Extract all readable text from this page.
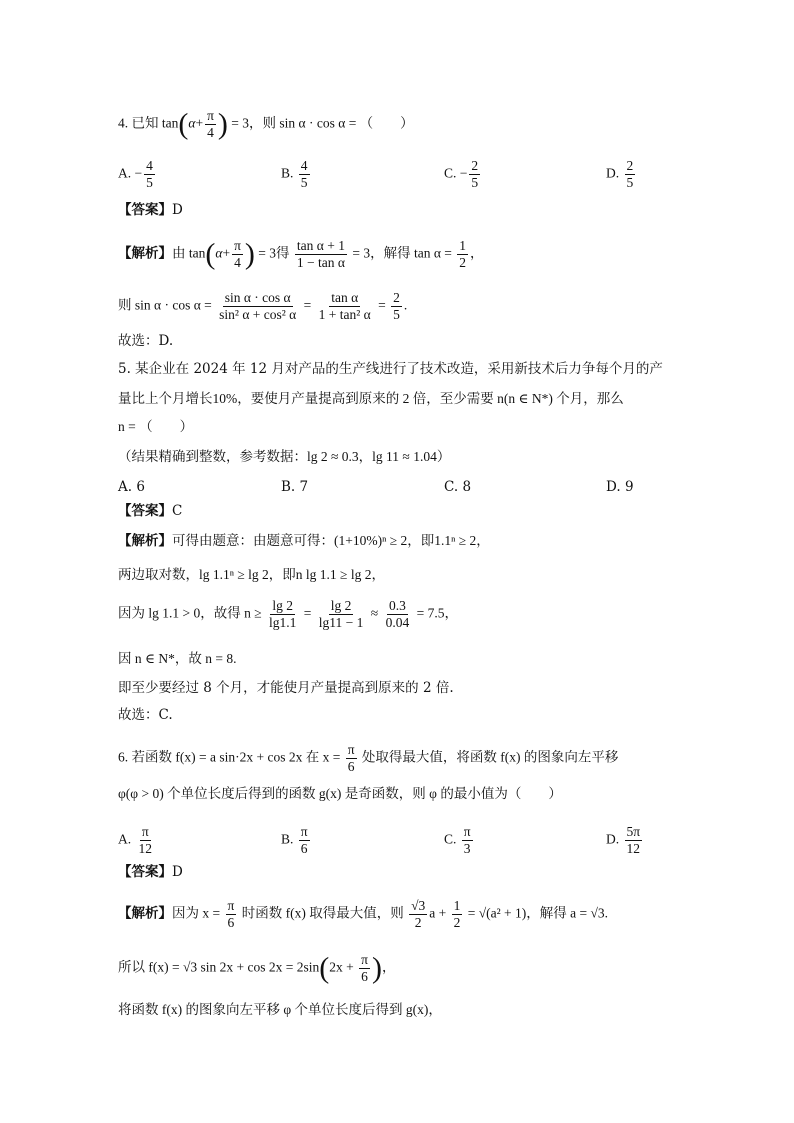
4. 已知 $\tan(\alpha+ \frac{\pi}{4}$ ) = 3，则 sin α · cos α = （　　）
A. − $\frac{4}{5}$	B. $\frac{4}{5}$	C. − $\frac{2}{5}$	D. $\frac{2}{5}$
【答案】D
【解析】由 $\tan(\alpha+ \frac{\pi}{4}$ ) = 3得 $\frac{\text{tan α + 1}}{\text{1 − tan α}} = 3$，解得 $\tan \alpha = \frac{1}{2}$ ，
则 $\sin \alpha \cdot \cos \alpha = \frac{\text{sin α · cos α}}{\text{sin² α + cos² α}} = \frac{\text{tan α}}{\text{1 + tan² α}} = \frac{2}{5}$ .
故选：D.
5. 某企业在 2024 年 12 月对产品的生产线进行了技术改造，采用新技术后力争每个月的产
量比上个月增长10%，要使月产量提高到原来的 2 倍，至少需要 n(n ∈ N*) 个月，那么
n = （　　）
（结果精确到整数，参考数据：lg 2 ≈ 0.3，lg 11 ≈ 1.04）
A. 6	B. 7	C. 8	D. 9
【答案】C
【解析】可得由题意：由题意可得：(1+10%)ⁿ ≥ 2，即1.1ⁿ ≥ 2，
两边取对数，lg 1.1ⁿ ≥ lg 2，即n lg 1.1 ≥ lg 2，
因为 lg 1.1 > 0，故得 $n \ge \frac{\lg 2}{\lg 1.1} = \frac{\lg 2}{\lg 11 - 1} \approx \frac{0.3}{0.04} = 7.5$，
因 n ∈ N*，故 n = 8.
即至少要经过 8 个月，才能使月产量提高到原来的 2 倍.
故选：C.
6. 若函数 f(x) = a sin·2x + cos 2x 在 $x = \frac{\pi}{6}$ 处取得最大值，将函数 f(x) 的图象向左平移
φ(φ > 0) 个单位长度后得到的函数 g(x) 是奇函数，则 φ 的最小值为（　　）
A. $\frac{\pi}{12}$	B. $\frac{\pi}{6}$	C. $\frac{\pi}{3}$	D. $\frac{5\pi}{12}$
【答案】D
【解析】因为 $x = \frac{\pi}{6}$ 时函数 f(x) 取得最大值，则 $\frac{√3}{2}$ $a + \frac{1}{2} = √(a^2 + 1)$，解得 a = √3.
所以 f(x) = √3 $\sin 2x + \cos 2x = 2\sin(2x + \frac{\pi}{6}$ )，
将函数 f(x) 的图象向左平移 φ 个单位长度后得到 g(x)，
